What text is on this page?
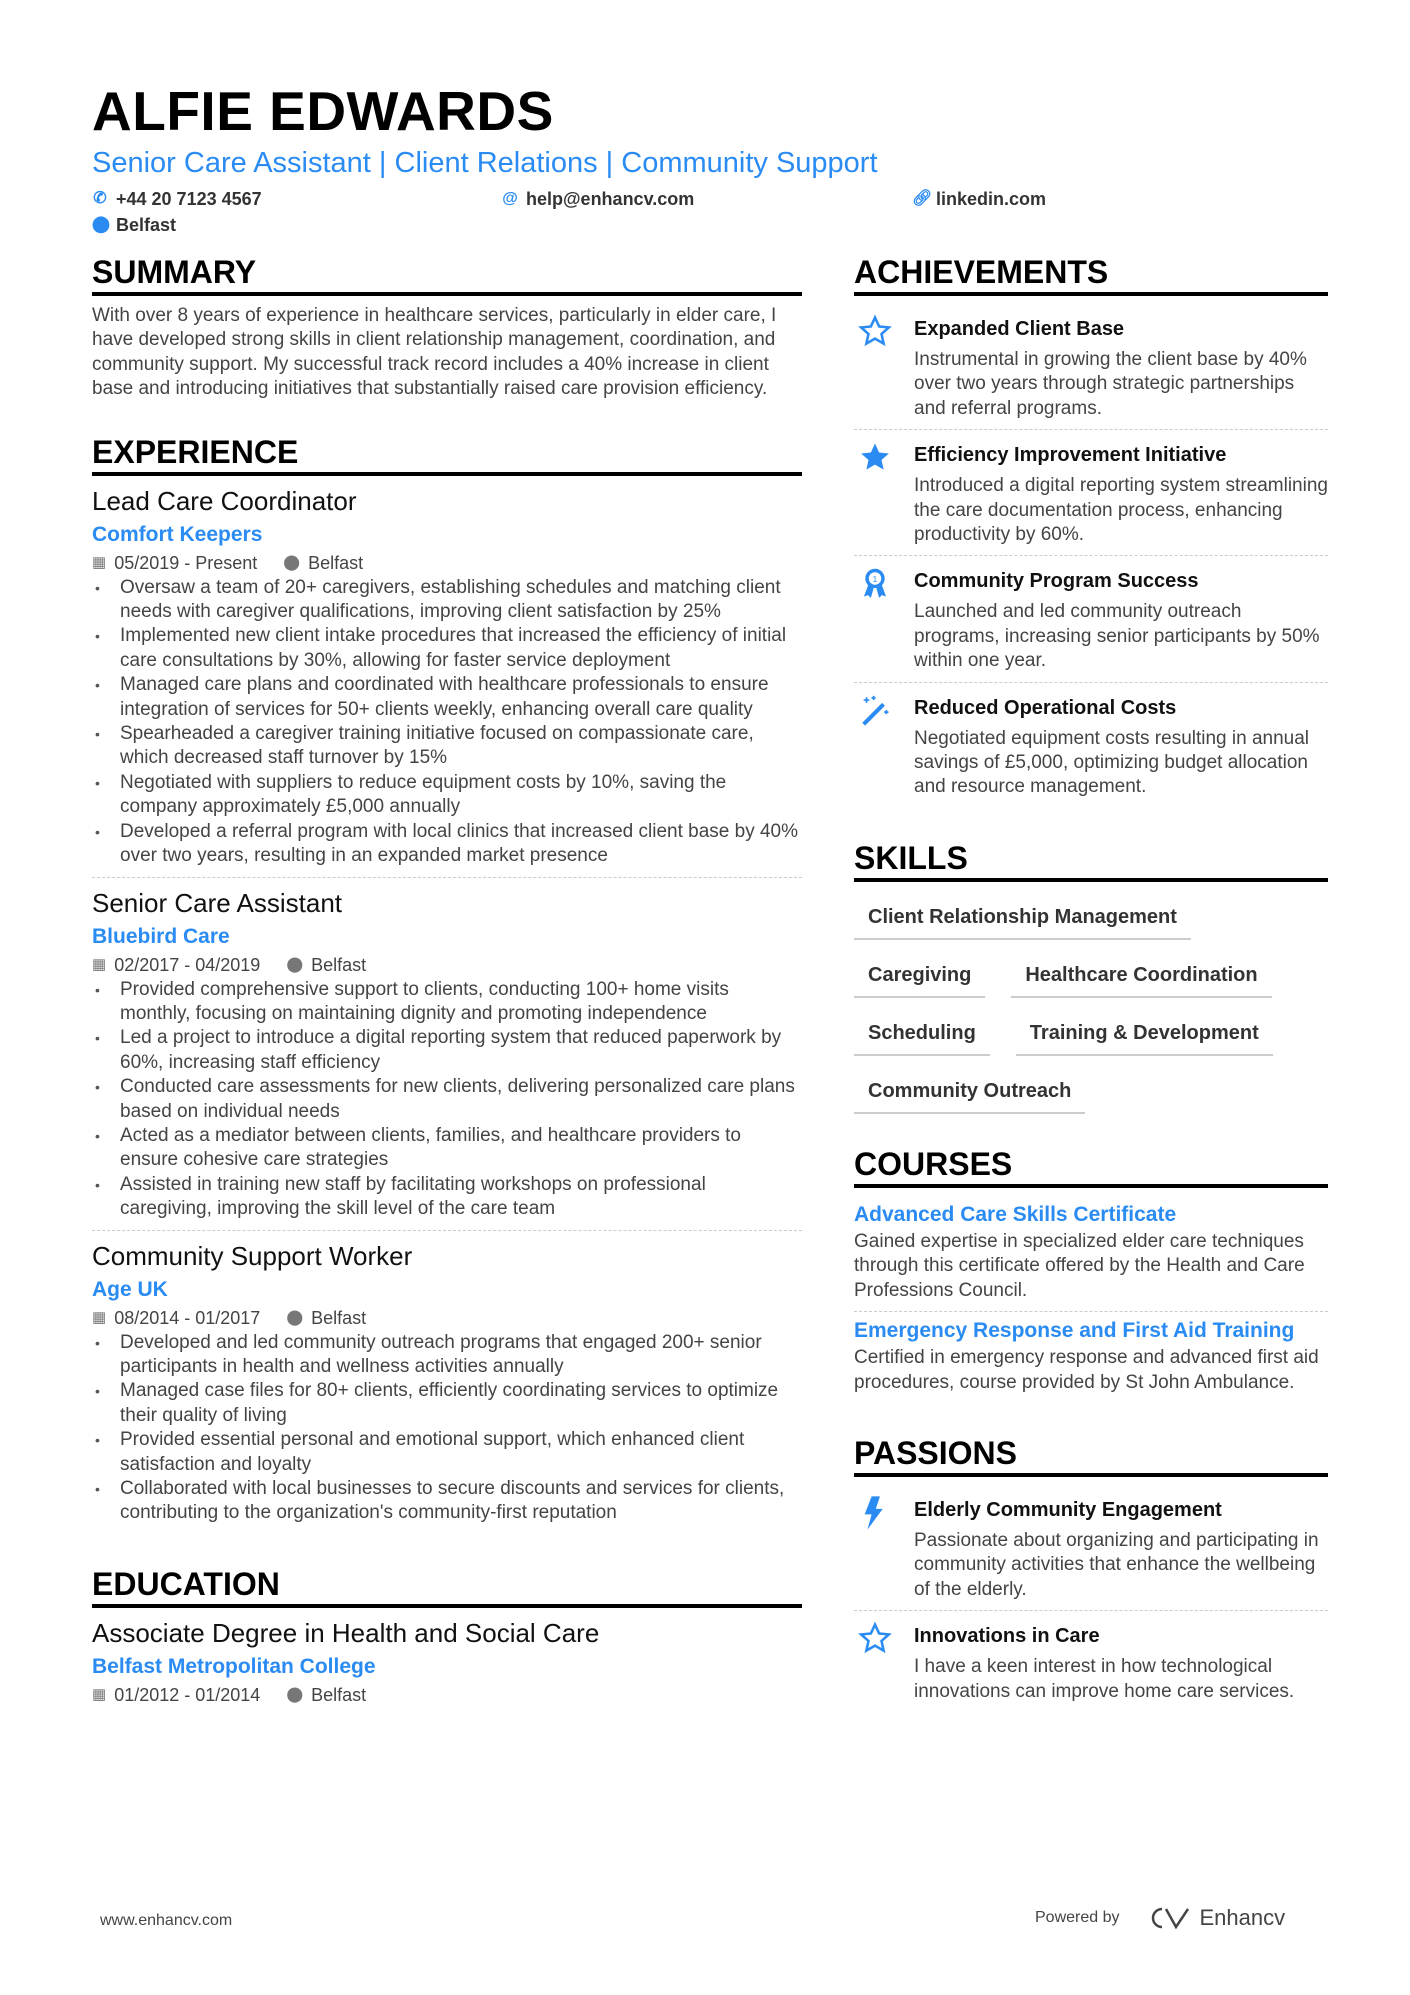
ALFIE EDWARDS
Senior Care Assistant | Client Relations | Community Support
✆ +44 20 7123 4567	@ help@enhancv.com	🔗︎ linkedin.com
⬤ Belfast
SUMMARY
With over 8 years of experience in healthcare services, particularly in elder care, I have developed strong skills in client relationship management, coordination, and community support. My successful track record includes a 40% increase in client base and introducing initiatives that substantially raised care provision efficiency.
EXPERIENCE
Lead Care Coordinator
Comfort Keepers
▦ 05/2019 - Present ⬤ Belfast
• Oversaw a team of 20+ caregivers, establishing schedules and matching client needs with caregiver qualifications, improving client satisfaction by 25%
• Implemented new client intake procedures that increased the efficiency of initial care consultations by 30%, allowing for faster service deployment
• Managed care plans and coordinated with healthcare professionals to ensure integration of services for 50+ clients weekly, enhancing overall care quality
• Spearheaded a caregiver training initiative focused on compassionate care, which decreased staff turnover by 15%
• Negotiated with suppliers to reduce equipment costs by 10%, saving the company approximately £5,000 annually
• Developed a referral program with local clinics that increased client base by 40% over two years, resulting in an expanded market presence
Senior Care Assistant
Bluebird Care
▦ 02/2017 - 04/2019 ⬤ Belfast
• Provided comprehensive support to clients, conducting 100+ home visits monthly, focusing on maintaining dignity and promoting independence
• Led a project to introduce a digital reporting system that reduced paperwork by 60%, increasing staff efficiency
• Conducted care assessments for new clients, delivering personalized care plans based on individual needs
• Acted as a mediator between clients, families, and healthcare providers to ensure cohesive care strategies
• Assisted in training new staff by facilitating workshops on professional caregiving, improving the skill level of the care team
Community Support Worker
Age UK
▦ 08/2014 - 01/2017 ⬤ Belfast
• Developed and led community outreach programs that engaged 200+ senior participants in health and wellness activities annually
• Managed case files for 80+ clients, efficiently coordinating services to optimize their quality of living
• Provided essential personal and emotional support, which enhanced client satisfaction and loyalty
• Collaborated with local businesses to secure discounts and services for clients, contributing to the organization's community-first reputation
EDUCATION
Associate Degree in Health and Social Care
Belfast Metropolitan College
▦ 01/2012 - 01/2014 ⬤ Belfast
ACHIEVEMENTS
Expanded Client Base
Instrumental in growing the client base by 40% over two years through strategic partnerships and referral programs.
Efficiency Improvement Initiative
Introduced a digital reporting system streamlining the care documentation process, enhancing productivity by 60%.
1 Community Program Success
Launched and led community outreach programs, increasing senior participants by 50% within one year.
Reduced Operational Costs
Negotiated equipment costs resulting in annual savings of £5,000, optimizing budget allocation and resource management.
SKILLS
Client Relationship Management
Caregiving	Healthcare Coordination
Scheduling	Training & Development
Community Outreach
COURSES
Advanced Care Skills Certificate
Gained expertise in specialized elder care techniques through this certificate offered by the Health and Care Professions Council.
Emergency Response and First Aid Training
Certified in emergency response and advanced first aid procedures, course provided by St John Ambulance.
PASSIONS
Elderly Community Engagement
Passionate about organizing and participating in community activities that enhance the wellbeing of the elderly.
Innovations in Care
I have a keen interest in how technological innovations can improve home care services.
www.enhancv.com	Powered by	Enhancv
